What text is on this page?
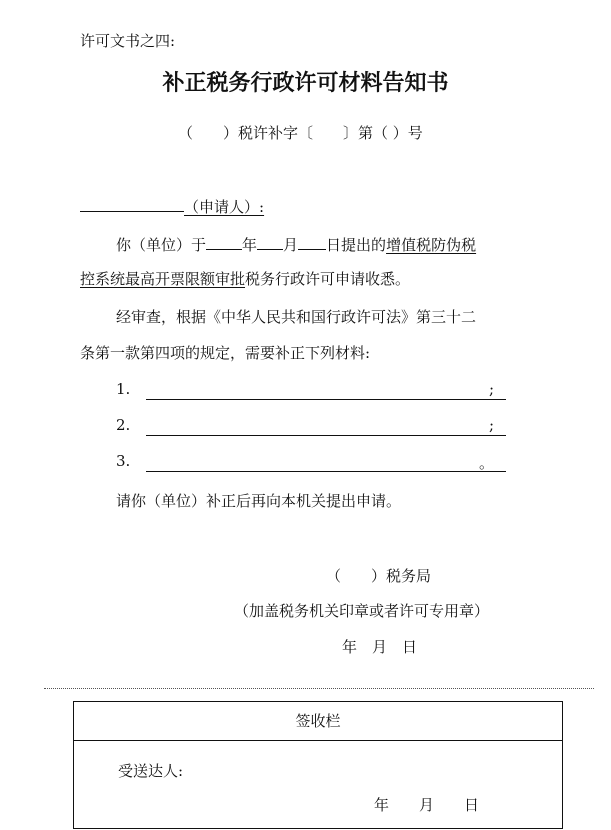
许可文书之四:
补正税务行政许可材料告知书
（　　）税许补字〔　　〕第（ ）号
（申请人）:
你（单位）于 年 月 日提出的增值税防伪税
控系统最高开票限额审批税务行政许可申请收悉。
经审查，根据《中华人民共和国行政许可法》第三十二
条第一款第四项的规定，需要补正下列材料:
1.	;
2.	;
3.	。
请你（单位）补正后再向本机关提出申请。
（　　）税务局
（加盖税务机关印章或者许可专用章）
年　月　日
签收栏
受送达人:
年　　月　　日
